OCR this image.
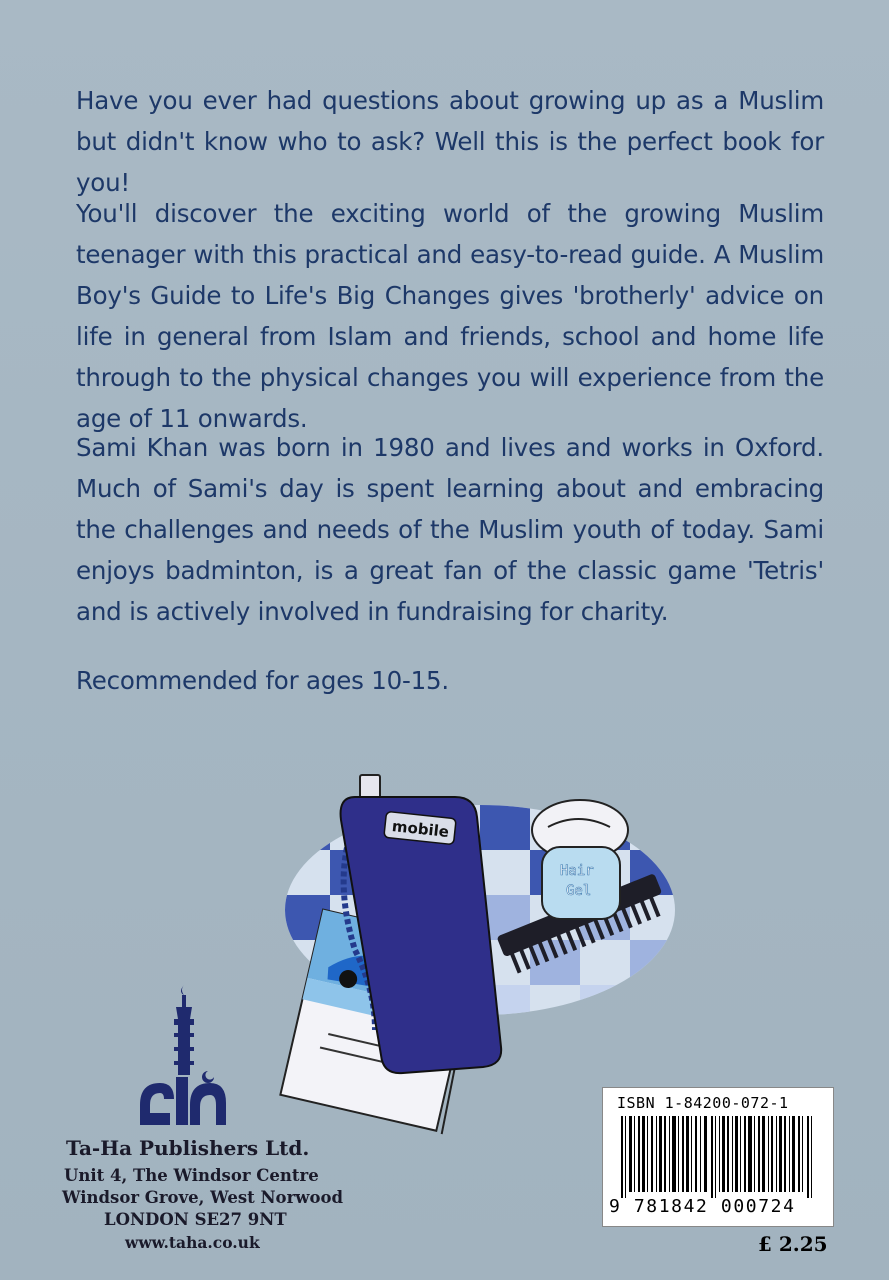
Have you ever had questions about growing up as a Muslim but didn't know who to ask? Well this is the perfect book for you!

You'll discover the exciting world of the growing Muslim teenager with this practical and easy-to-read guide. A Muslim Boy's Guide to Life's Big Changes gives 'brotherly' advice on life in general from Islam and friends, school and home life through to the physical changes you will experience from the age of 11 onwards.

Sami Khan was born in 1980 and lives and works in Oxford. Much of Sami's day is spent learning about and embracing the challenges and needs of the Muslim youth of today. Sami enjoys badminton, is a great fan of the classic game 'Tetris' and is actively involved in fundraising for charity.

Recommended for ages 10-15.

mobile
Hair
Gel

Ta-Ha Publishers Ltd.

Unit 4, The Windsor Centre

Windsor Grove, West Norwood

LONDON SE27 9NT

www.taha.co.uk

ISBN 1-84200-072-1
9 781842 000724
£ 2.25
